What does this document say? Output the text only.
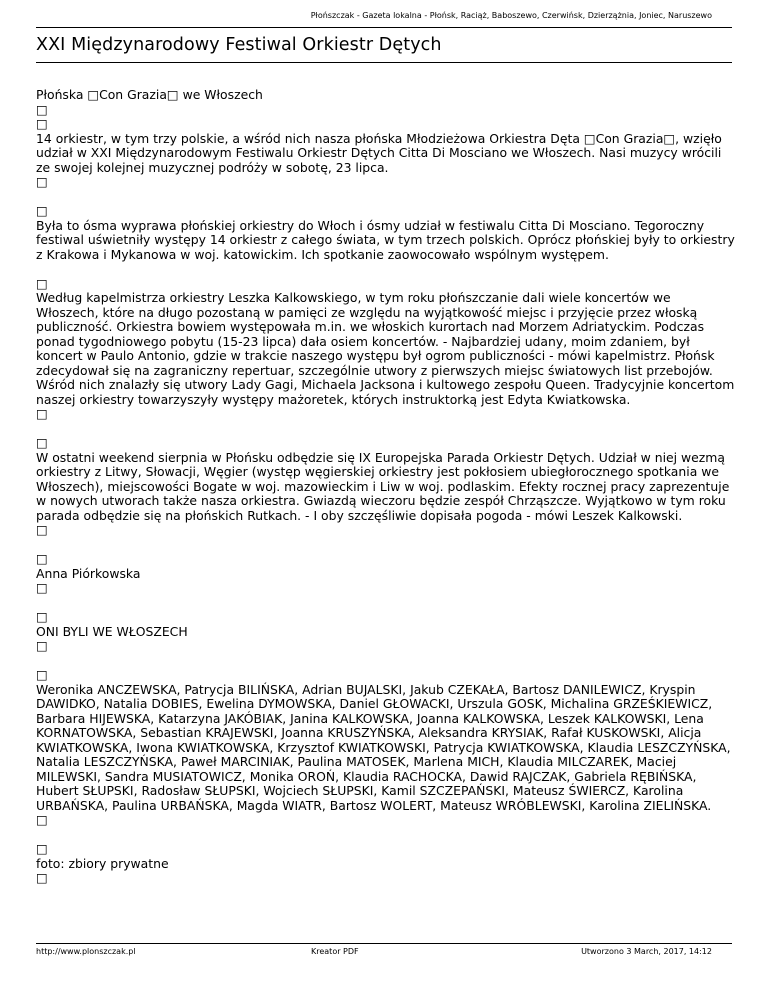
Płońszczak - Gazeta lokalna - Płońsk, Raciąż, Baboszewo, Czerwińsk, Dzierzążnia, Joniec, Naruszewo
XXI Międzynarodowy Festiwal Orkiestr Dętych

Płońska □Con Grazia□ we Włoszech

□

□

14 orkiestr, w tym trzy polskie, a wśród nich nasza płońska Młodzieżowa Orkiestra Dęta □Con Grazia□, wzięło udział w XXI Międzynarodowym Festiwalu Orkiestr Dętych Citta Di Mosciano we Włoszech. Nasi muzycy wrócili ze swojej kolejnej muzycznej podróży w sobotę, 23 lipca.

□

□

Była to ósma wyprawa płońskiej orkiestry do Włoch i ósmy udział w festiwalu Citta Di Mosciano. Tegoroczny festiwal uświetniły występy 14 orkiestr z całego świata, w tym trzech polskich. Oprócz płońskiej były to orkiestry z Krakowa i Mykanowa w woj. katowickim. Ich spotkanie zaowocowało wspólnym występem.

□

Według kapelmistrza orkiestry Leszka Kalkowskiego, w tym roku płońszczanie dali wiele koncertów we Włoszech, które na długo pozostaną w pamięci ze względu na wyjątkowość miejsc i przyjęcie przez włoską publiczność. Orkiestra bowiem występowała m.in. we włoskich kurortach nad Morzem Adriatyckim. Podczas ponad tygodniowego pobytu (15-23 lipca) dała osiem koncertów. - Najbardziej udany, moim zdaniem, był koncert w Paulo Antonio, gdzie w trakcie naszego występu był ogrom publiczności - mówi kapelmistrz. Płońsk zdecydował się na zagraniczny repertuar, szczególnie utwory z pierwszych miejsc światowych list przebojów. Wśród nich znalazły się utwory Lady Gagi, Michaela Jacksona i kultowego zespołu Queen. Tradycyjnie koncertom naszej orkiestry towarzyszyły występy mażoretek, których instruktorką jest Edyta Kwiatkowska.

□

□

W ostatni weekend sierpnia w Płońsku odbędzie się IX Europejska Parada Orkiestr Dętych. Udział w niej wezmą orkiestry z Litwy, Słowacji, Węgier (występ węgierskiej orkiestry jest pokłosiem ubiegłorocznego spotkania we Włoszech), miejscowości Bogate w woj. mazowieckim i Liw w woj. podlaskim. Efekty rocznej pracy zaprezentuje w nowych utworach także nasza orkiestra. Gwiazdą wieczoru będzie zespół Chrząszcze. Wyjątkowo w tym roku parada odbędzie się na płońskich Rutkach. - I oby szczęśliwie dopisała pogoda - mówi Leszek Kalkowski.

□

□

Anna Piórkowska

□

□

ONI BYLI WE WŁOSZECH

□

□

Weronika ANCZEWSKA, Patrycja BILIŃSKA, Adrian BUJALSKI, Jakub CZEKAŁA, Bartosz DANILEWICZ, Kryspin DAWIDKO, Natalia DOBIES, Ewelina DYMOWSKA, Daniel GŁOWACKI, Urszula GOSK, Michalina GRZEŚKIEWICZ, Barbara HIJEWSKA, Katarzyna JAKÓBIAK, Janina KALKOWSKA, Joanna KALKOWSKA, Leszek KALKOWSKI, Lena KORNATOWSKA, Sebastian KRAJEWSKI, Joanna KRUSZYŃSKA, Aleksandra KRYSIAK, Rafał KUSKOWSKI, Alicja KWIATKOWSKA, Iwona KWIATKOWSKA, Krzysztof KWIATKOWSKI, Patrycja KWIATKOWSKA, Klaudia LESZCZYŃSKA, Natalia LESZCZYŃSKA, Paweł MARCINIAK, Paulina MATOSEK, Marlena MICH, Klaudia MILCZAREK, Maciej MILEWSKI, Sandra MUSIATOWICZ, Monika OROŃ, Klaudia RACHOCKA, Dawid RAJCZAK, Gabriela RĘBIŃSKA, Hubert SŁUPSKI, Radosław SŁUPSKI, Wojciech SŁUPSKI, Kamil SZCZEPAŃSKI, Mateusz ŚWIERCZ, Karolina URBAŃSKA, Paulina URBAŃSKA, Magda WIATR, Bartosz WOLERT, Mateusz WRÓBLEWSKI, Karolina ZIELIŃSKA.

□

□

foto: zbiory prywatne

□

http://www.plonszczak.pl	Kreator PDF	Utworzono 3 March, 2017, 14:12
